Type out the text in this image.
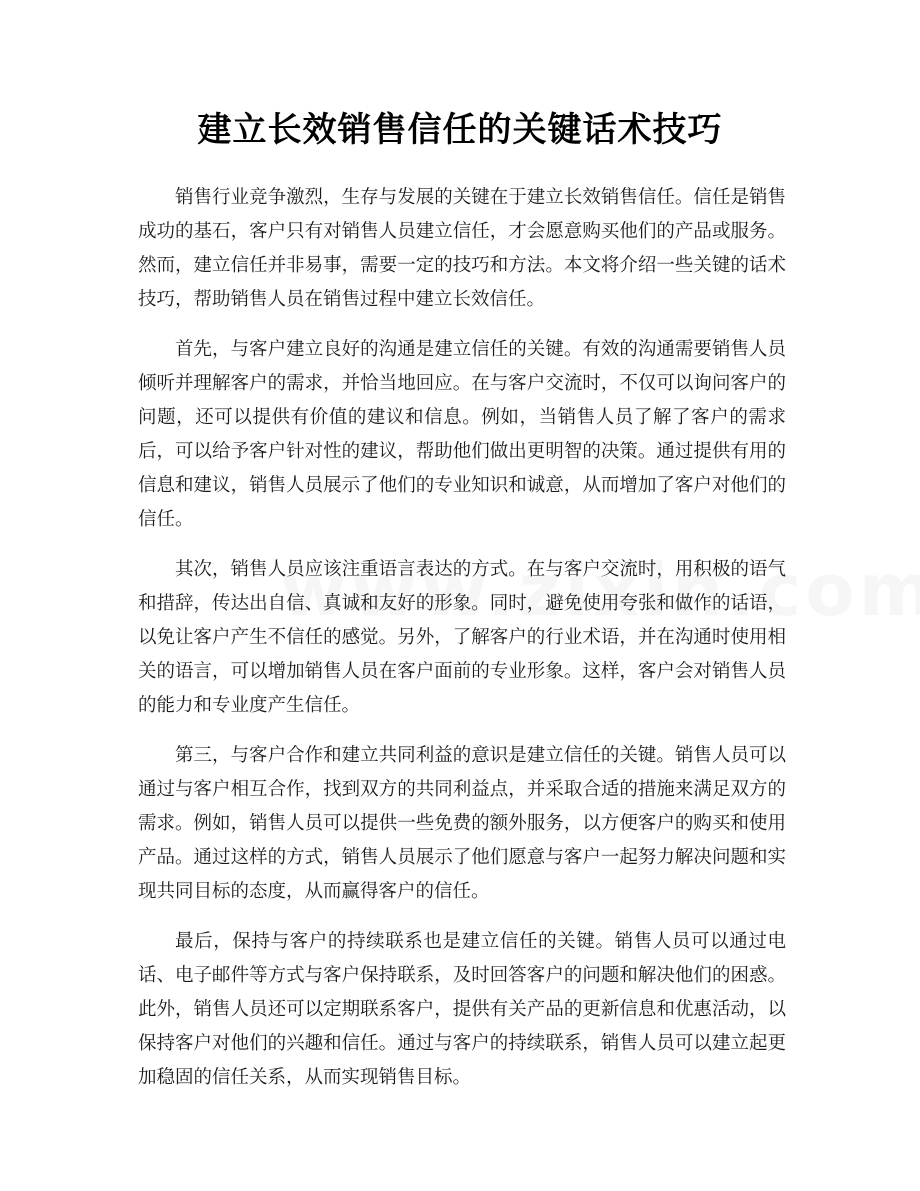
建立长效销售信任的关键话术技巧

销售行业竞争激烈，生存与发展的关键在于建立长效销售信任。信任是销售成功的基石，客户只有对销售人员建立信任，才会愿意购买他们的产品或服务。然而，建立信任并非易事，需要一定的技巧和方法。本文将介绍一些关键的话术技巧，帮助销售人员在销售过程中建立长效信任。

首先，与客户建立良好的沟通是建立信任的关键。有效的沟通需要销售人员倾听并理解客户的需求，并恰当地回应。在与客户交流时，不仅可以询问客户的问题，还可以提供有价值的建议和信息。例如，当销售人员了解了客户的需求后，可以给予客户针对性的建议，帮助他们做出更明智的决策。通过提供有用的信息和建议，销售人员展示了他们的专业知识和诚意，从而增加了客户对他们的信任。

其次，销售人员应该注重语言表达的方式。在与客户交流时，用积极的语气和措辞，传达出自信、真诚和友好的形象。同时，避免使用夸张和做作的话语，以免让客户产生不信任的感觉。另外，了解客户的行业术语，并在沟通时使用相关的语言，可以增加销售人员在客户面前的专业形象。这样，客户会对销售人员的能力和专业度产生信任。

第三，与客户合作和建立共同利益的意识是建立信任的关键。销售人员可以通过与客户相互合作，找到双方的共同利益点，并采取合适的措施来满足双方的需求。例如，销售人员可以提供一些免费的额外服务，以方便客户的购买和使用产品。通过这样的方式，销售人员展示了他们愿意与客户一起努力解决问题和实现共同目标的态度，从而赢得客户的信任。

最后，保持与客户的持续联系也是建立信任的关键。销售人员可以通过电话、电子邮件等方式与客户保持联系，及时回答客户的问题和解决他们的困惑。此外，销售人员还可以定期联系客户，提供有关产品的更新信息和优惠活动，以保持客户对他们的兴趣和信任。通过与客户的持续联系，销售人员可以建立起更加稳固的信任关系，从而实现销售目标。
